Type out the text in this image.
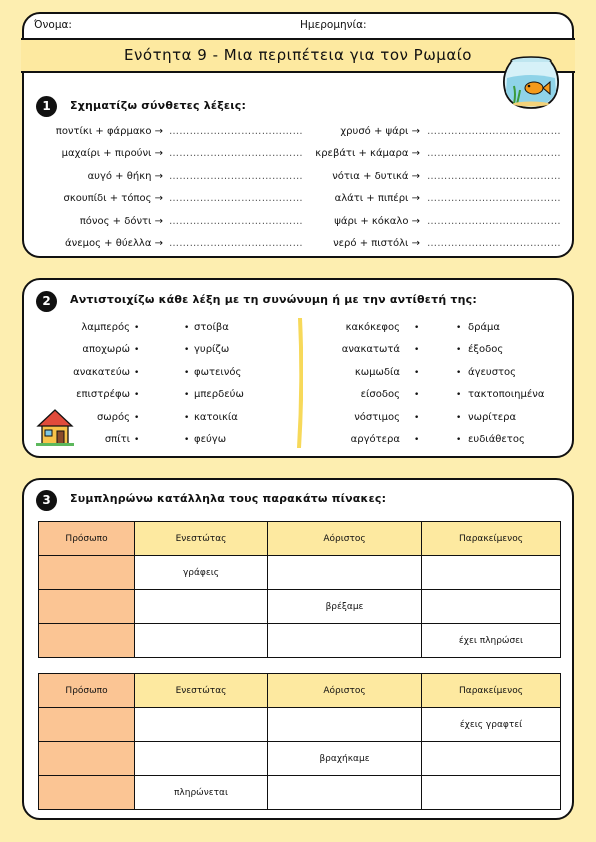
Όνομα:	Ημερομηνία:
Ενότητα 9 - Μια περιπέτεια για τον Ρωμαίο
1	Σχηματίζω σύνθετες λέξεις:
ποντίκι + φάρμακο → …………………………………
μαχαίρι + πιρούνι → …………………………………
αυγό + θήκη → …………………………………
σκουπίδι + τόπος → …………………………………
πόνος + δόντι → …………………………………
άνεμος + θύελλα → …………………………………
χρυσό + ψάρι → …………………………………
κρεβάτι + κάμαρα → …………………………………
νότια + δυτικά → …………………………………
αλάτι + πιπέρι → …………………………………
ψάρι + κόκαλο → …………………………………
νερό + πιστόλι → …………………………………
2	Αντιστοιχίζω κάθε λέξη με τη συνώνυμη ή με την αντίθετή της:
λαμπερός •	• στοίβα	κακόκεφος •	• δράμα
αποχωρώ •	• γυρίζω	ανακατωτά •	• έξοδος
ανακατεύω •	• φωτεινός	κωμωδία •	• άγευστος
επιστρέφω •	• μπερδεύω	είσοδος •	• τακτοποιημένα
σωρός •	• κατοικία	νόστιμος •	• νωρίτερα
σπίτι •	• φεύγω	αργότερα •	• ευδιάθετος
3	Συμπληρώνω κατάλληλα τους παρακάτω πίνακες:
Πρόσωπο	Ενεστώτας	Αόριστος	Παρακείμενος
	γράφεις		
		βρέξαμε	
			έχει πληρώσει
Πρόσωπο	Ενεστώτας	Αόριστος	Παρακείμενος
			έχεις γραφτεί
		βραχήκαμε	
	πληρώνεται		
